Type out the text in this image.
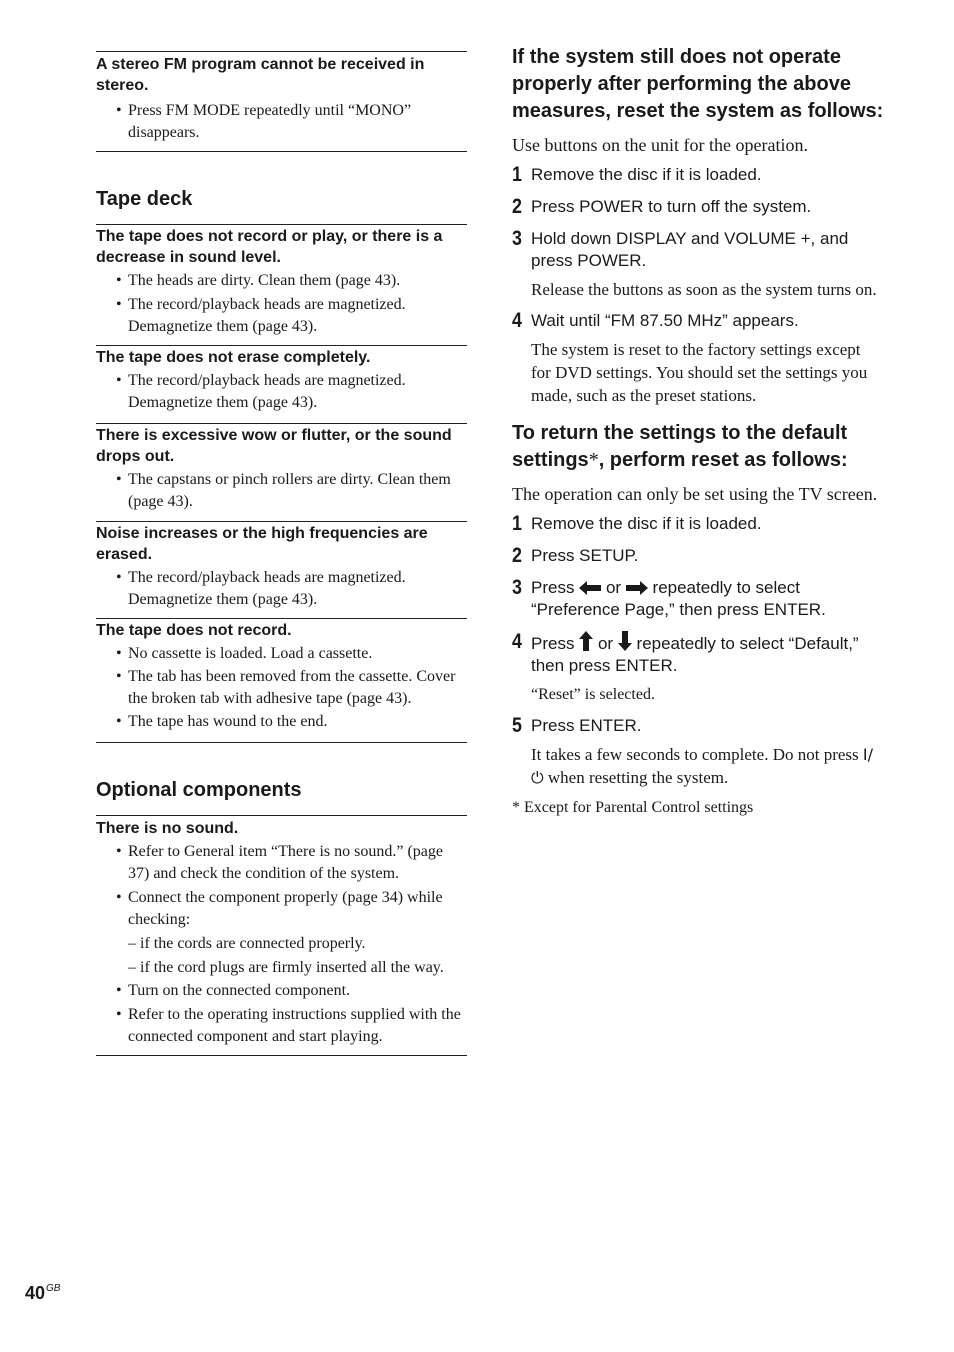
A stereo FM program cannot be received in stereo.

• Press FM MODE repeatedly until “MONO” disappears.
Tape deck

The tape does not record or play, or there is a decrease in sound level.

• The heads are dirty. Clean them (page 43).
• The record/playback heads are magnetized. Demagnetize them (page 43).

The tape does not erase completely.

• The record/playback heads are magnetized. Demagnetize them (page 43).

There is excessive wow or flutter, or the sound drops out.

• The capstans or pinch rollers are dirty. Clean them (page 43).

Noise increases or the high frequencies are erased.

• The record/playback heads are magnetized. Demagnetize them (page 43).

The tape does not record.

• No cassette is loaded. Load a cassette.
• The tab has been removed from the cassette. Cover the broken tab with adhesive tape (page 43).
• The tape has wound to the end.
Optional components

There is no sound.

• Refer to General item “There is no sound.” (page 37) and check the condition of the system.
• Connect the component properly (page 34) while checking:
– if the cords are connected properly.
– if the cord plugs are firmly inserted all the way.
• Turn on the connected component.
• Refer to the operating instructions supplied with the connected component and start playing.
If the system still does not operate properly after performing the above measures, reset the system as follows:
Use buttons on the unit for the operation.
1 Remove the disc if it is loaded.
2 Press POWER to turn off the system.
3 Hold down DISPLAY and VOLUME +, and press POWER.
Release the buttons as soon as the system turns on.
4 Wait until “FM 87.50 MHz” appears.
The system is reset to the factory settings except for DVD settings. You should set the settings you made, such as the preset stations.
To return the settings to the default settings*, perform reset as follows:
The operation can only be set using the TV screen.
1 Remove the disc if it is loaded.
2 Press SETUP.
3 Press or repeatedly to select “Preference Page,” then press ENTER.
4 Press or repeatedly to select “Default,” then press ENTER.
“Reset” is selected.
5 Press ENTER.
It takes a few seconds to complete. Do not press I/⏻ when resetting the system.
* Except for Parental Control settings
$40^{GB}$
